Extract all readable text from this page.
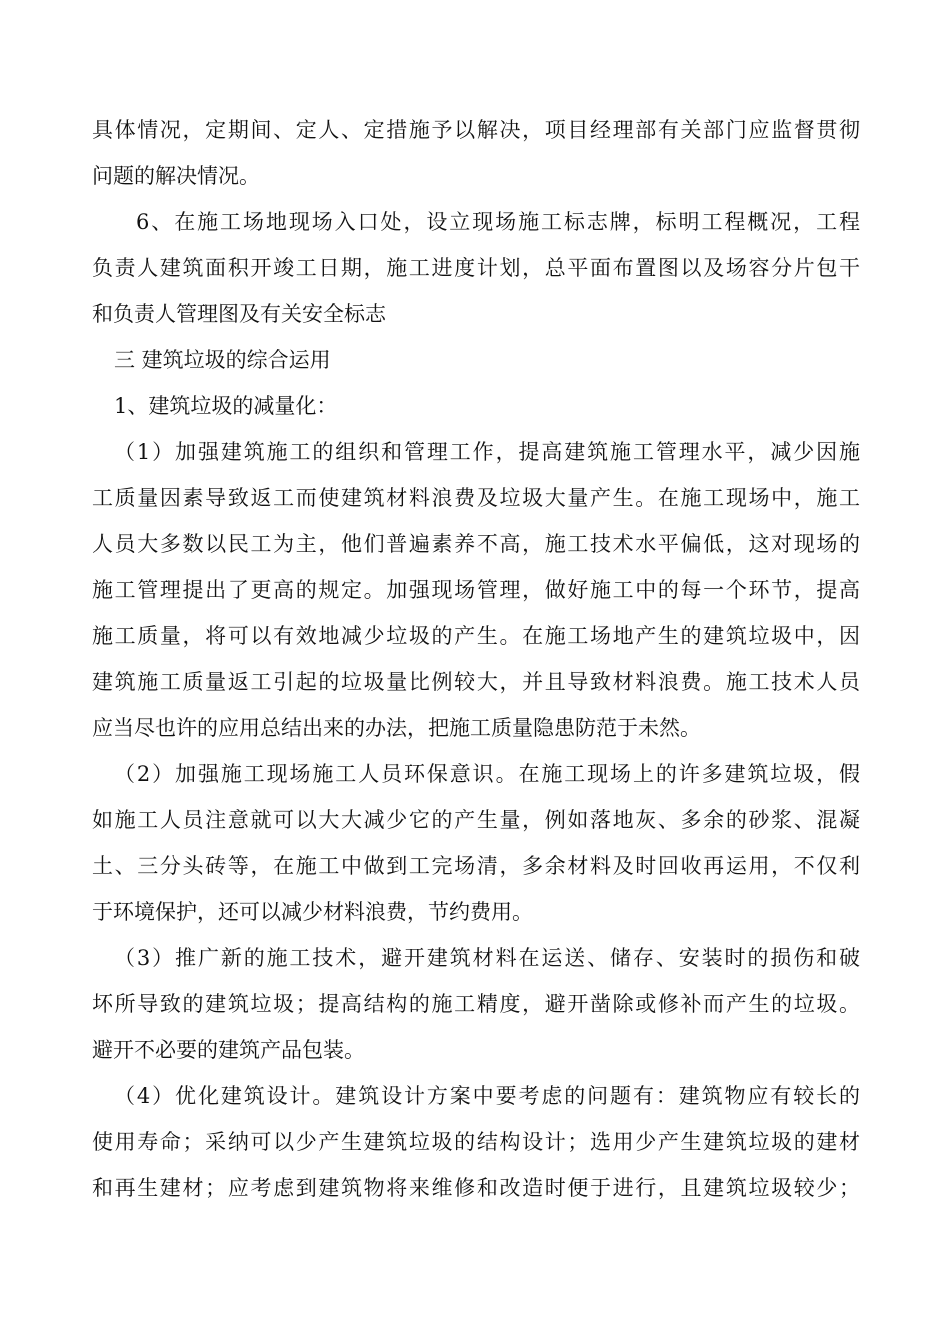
具体情况，定期间、定人、定措施予以解决，项目经理部有关部门应监督贯彻
问题的解决情况。
6、在施工场地现场入口处，设立现场施工标志牌，标明工程概况，工程
负责人建筑面积开竣工日期，施工进度计划，总平面布置图以及场容分片包干
和负责人管理图及有关安全标志
三 建筑垃圾的综合运用
1、建筑垃圾的减量化：
（1）加强建筑施工的组织和管理工作，提高建筑施工管理水平，减少因施
工质量因素导致返工而使建筑材料浪费及垃圾大量产生。在施工现场中，施工
人员大多数以民工为主，他们普遍素养不高，施工技术水平偏低，这对现场的
施工管理提出了更高的规定。加强现场管理，做好施工中的每一个环节，提高
施工质量，将可以有效地减少垃圾的产生。在施工场地产生的建筑垃圾中，因
建筑施工质量返工引起的垃圾量比例较大，并且导致材料浪费。施工技术人员
应当尽也许的应用总结出来的办法，把施工质量隐患防范于未然。
（2）加强施工现场施工人员环保意识。在施工现场上的许多建筑垃圾，假
如施工人员注意就可以大大减少它的产生量，例如落地灰、多余的砂浆、混凝
土、三分头砖等，在施工中做到工完场清，多余材料及时回收再运用，不仅利
于环境保护，还可以减少材料浪费，节约费用。
（3）推广新的施工技术，避开建筑材料在运送、储存、安装时的损伤和破
坏所导致的建筑垃圾；提高结构的施工精度，避开凿除或修补而产生的垃圾。
避开不必要的建筑产品包装。
（4）优化建筑设计。建筑设计方案中要考虑的问题有：建筑物应有较长的
使用寿命；采纳可以少产生建筑垃圾的结构设计；选用少产生建筑垃圾的建材
和再生建材；应考虑到建筑物将来维修和改造时便于进行，且建筑垃圾较少；
